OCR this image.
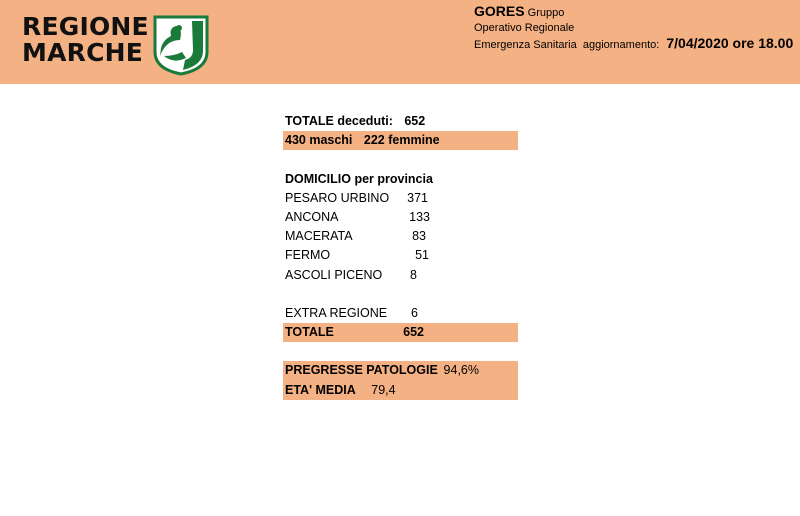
REGIONE
MARCHE
GORES Gruppo
Operativo Regionale
Emergenza Sanitaria aggiornamento: 7/04/2020 ore 18.00
TOTALE deceduti: 652
430 maschi 222 femmine
DOMICILIO per provincia
PESARO URBINO 371
ANCONA	133
MACERATA	83
FERMO	51
ASCOLI PICENO 8
EXTRA REGIONE 6
TOTALE	652
PREGRESSE PATOLOGIE 94,6%
ETA' MEDIA 79,4
